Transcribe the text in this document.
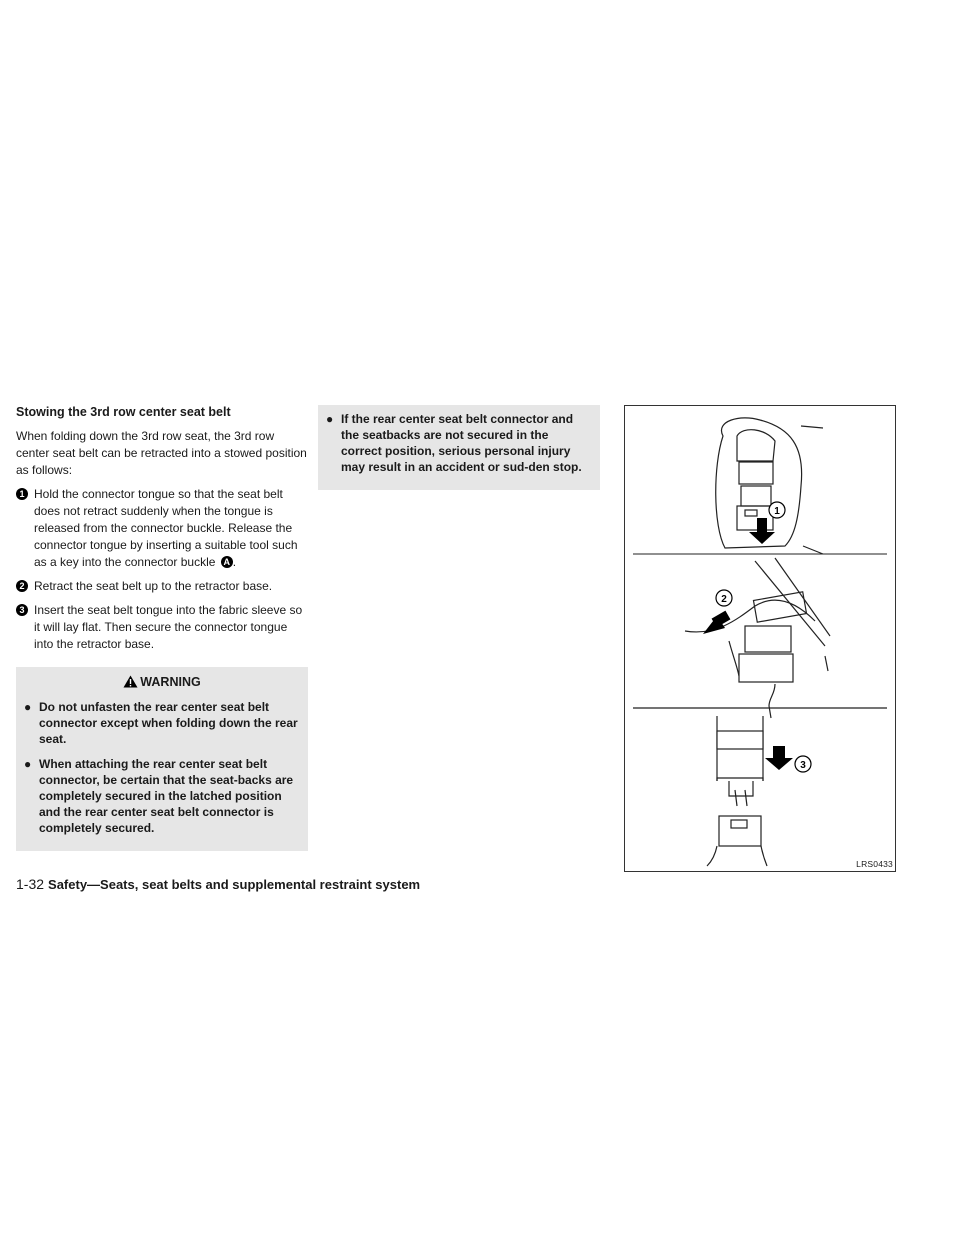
Stowing the 3rd row center seat belt
When folding down the 3rd row seat, the 3rd row center seat belt can be retracted into a stowed position as follows:
1 Hold the connector tongue so that the seat belt does not retract suddenly when the tongue is released from the connector buckle. Release the connector tongue by inserting a suitable tool such as a key into the connector buckle A .
2 Retract the seat belt up to the retractor base.
3 Insert the seat belt tongue into the fabric sleeve so it will lay flat. Then secure the connector tongue into the retractor base.
WARNING
● Do not unfasten the rear center seat belt connector except when folding down the rear seat.
● When attaching the rear center seat belt connector, be certain that the seat-backs are completely secured in the latched position and the rear center seat belt connector is completely secured.
● If the rear center seat belt connector and the seatbacks are not secured in the correct position, serious personal injury may result in an accident or sud-den stop.
1
2
3
LRS0433
1-32 Safety—Seats, seat belts and supplemental restraint system
